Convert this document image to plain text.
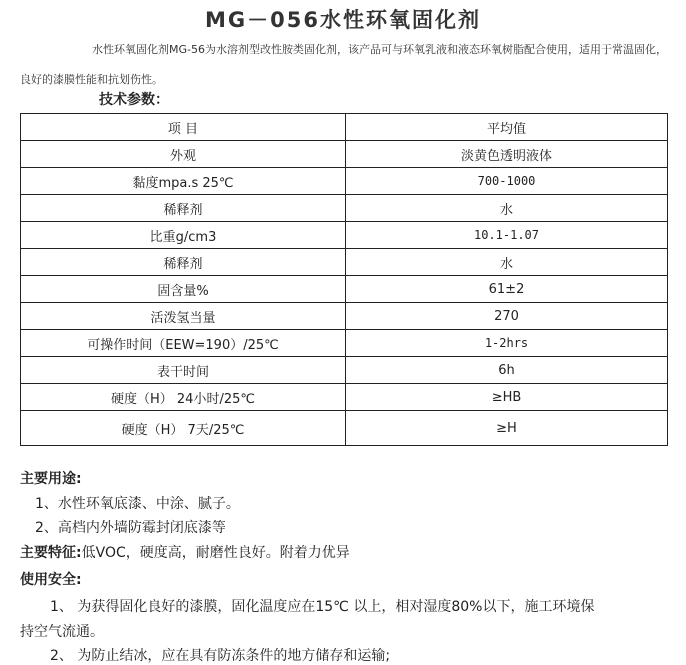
MG－056水性环氧固化剂

水性环氧固化剂MG-56为水溶剂型改性胺类固化剂，该产品可与环氧乳液和液态环氧树脂配合使用，适用于常温固化，良好的漆膜性能和抗划伤性。

技术参数：
项 目	平均值
外观	淡黄色透明液体
黏度mpa.s 25℃	700-1000
稀释剂	水
比重g/cm3	10.1-1.07
稀释剂	水
固含量%	61±2
活泼氢当量	270
可操作时间（EEW=190）/25℃	1-2hrs
表干时间	6h
硬度（H） 24小时/25℃	≥HB
硬度（H） 7天/25℃	≥H
主要用途:
1、水性环氧底漆、中涂、腻子。
2、高档内外墙防霉封闭底漆等
主要特征:低VOC，硬度高，耐磨性良好。附着力优异
使用安全:
1、 为获得固化良好的漆膜，固化温度应在15℃ 以上，相对湿度80%以下，施工环境保
持空气流通。
2、 为防止结冰，应在具有防冻条件的地方储存和运输;
